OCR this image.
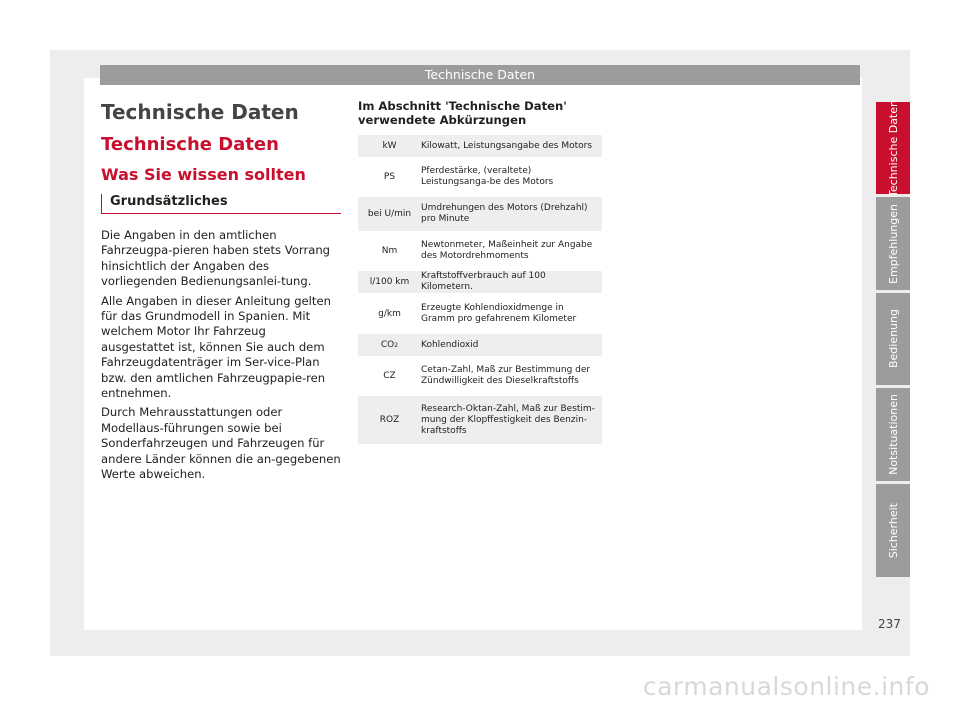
Technische Daten
Technische Daten
Technische Daten
Was Sie wissen sollten
Grundsätzliches

Die Angaben in den amtlichen Fahrzeugpa-pieren haben stets Vorrang hinsichtlich der Angaben des vorliegenden Bedienungsanlei-tung.

Alle Angaben in dieser Anleitung gelten für das Grundmodell in Spanien. Mit welchem Motor Ihr Fahrzeug ausgestattet ist, können Sie auch dem Fahrzeugdatenträger im Ser-vice-Plan bzw. den amtlichen Fahrzeugpapie-ren entnehmen.

Durch Mehrausstattungen oder Modellaus-führungen sowie bei Sonderfahrzeugen und Fahrzeugen für andere Länder können die an-gegebenen Werte abweichen.

Im Abschnitt 'Technische Daten' verwendete Abkürzungen
kW	Kilowatt, Leistungsangabe des Motors
PS
Pferdestärke, (veraltete) Leistungsanga-be des Motors
bei U/min
Umdrehungen des Motors (Drehzahl) pro Minute
Nm
Newtonmeter, Maßeinheit zur Angabe des Motordrehmoments
l/100 km
Kraftstoffverbrauch auf 100 Kilometern.
g/km
Erzeugte Kohlendioxidmenge in Gramm pro gefahrenem Kilometer
CO 2	Kohlendioxid
CZ
Cetan-Zahl, Maß zur Bestimmung der Zündwilligkeit des Dieselkraftstoffs
ROZ
Research-Oktan-Zahl, Maß zur Bestim-mung der Klopffestigkeit des Benzin-kraftstoffs
Technische Daten
Empfehlungen
Bedienung
Notsituationen
Sicherheit
237
carmanualsonline.info
